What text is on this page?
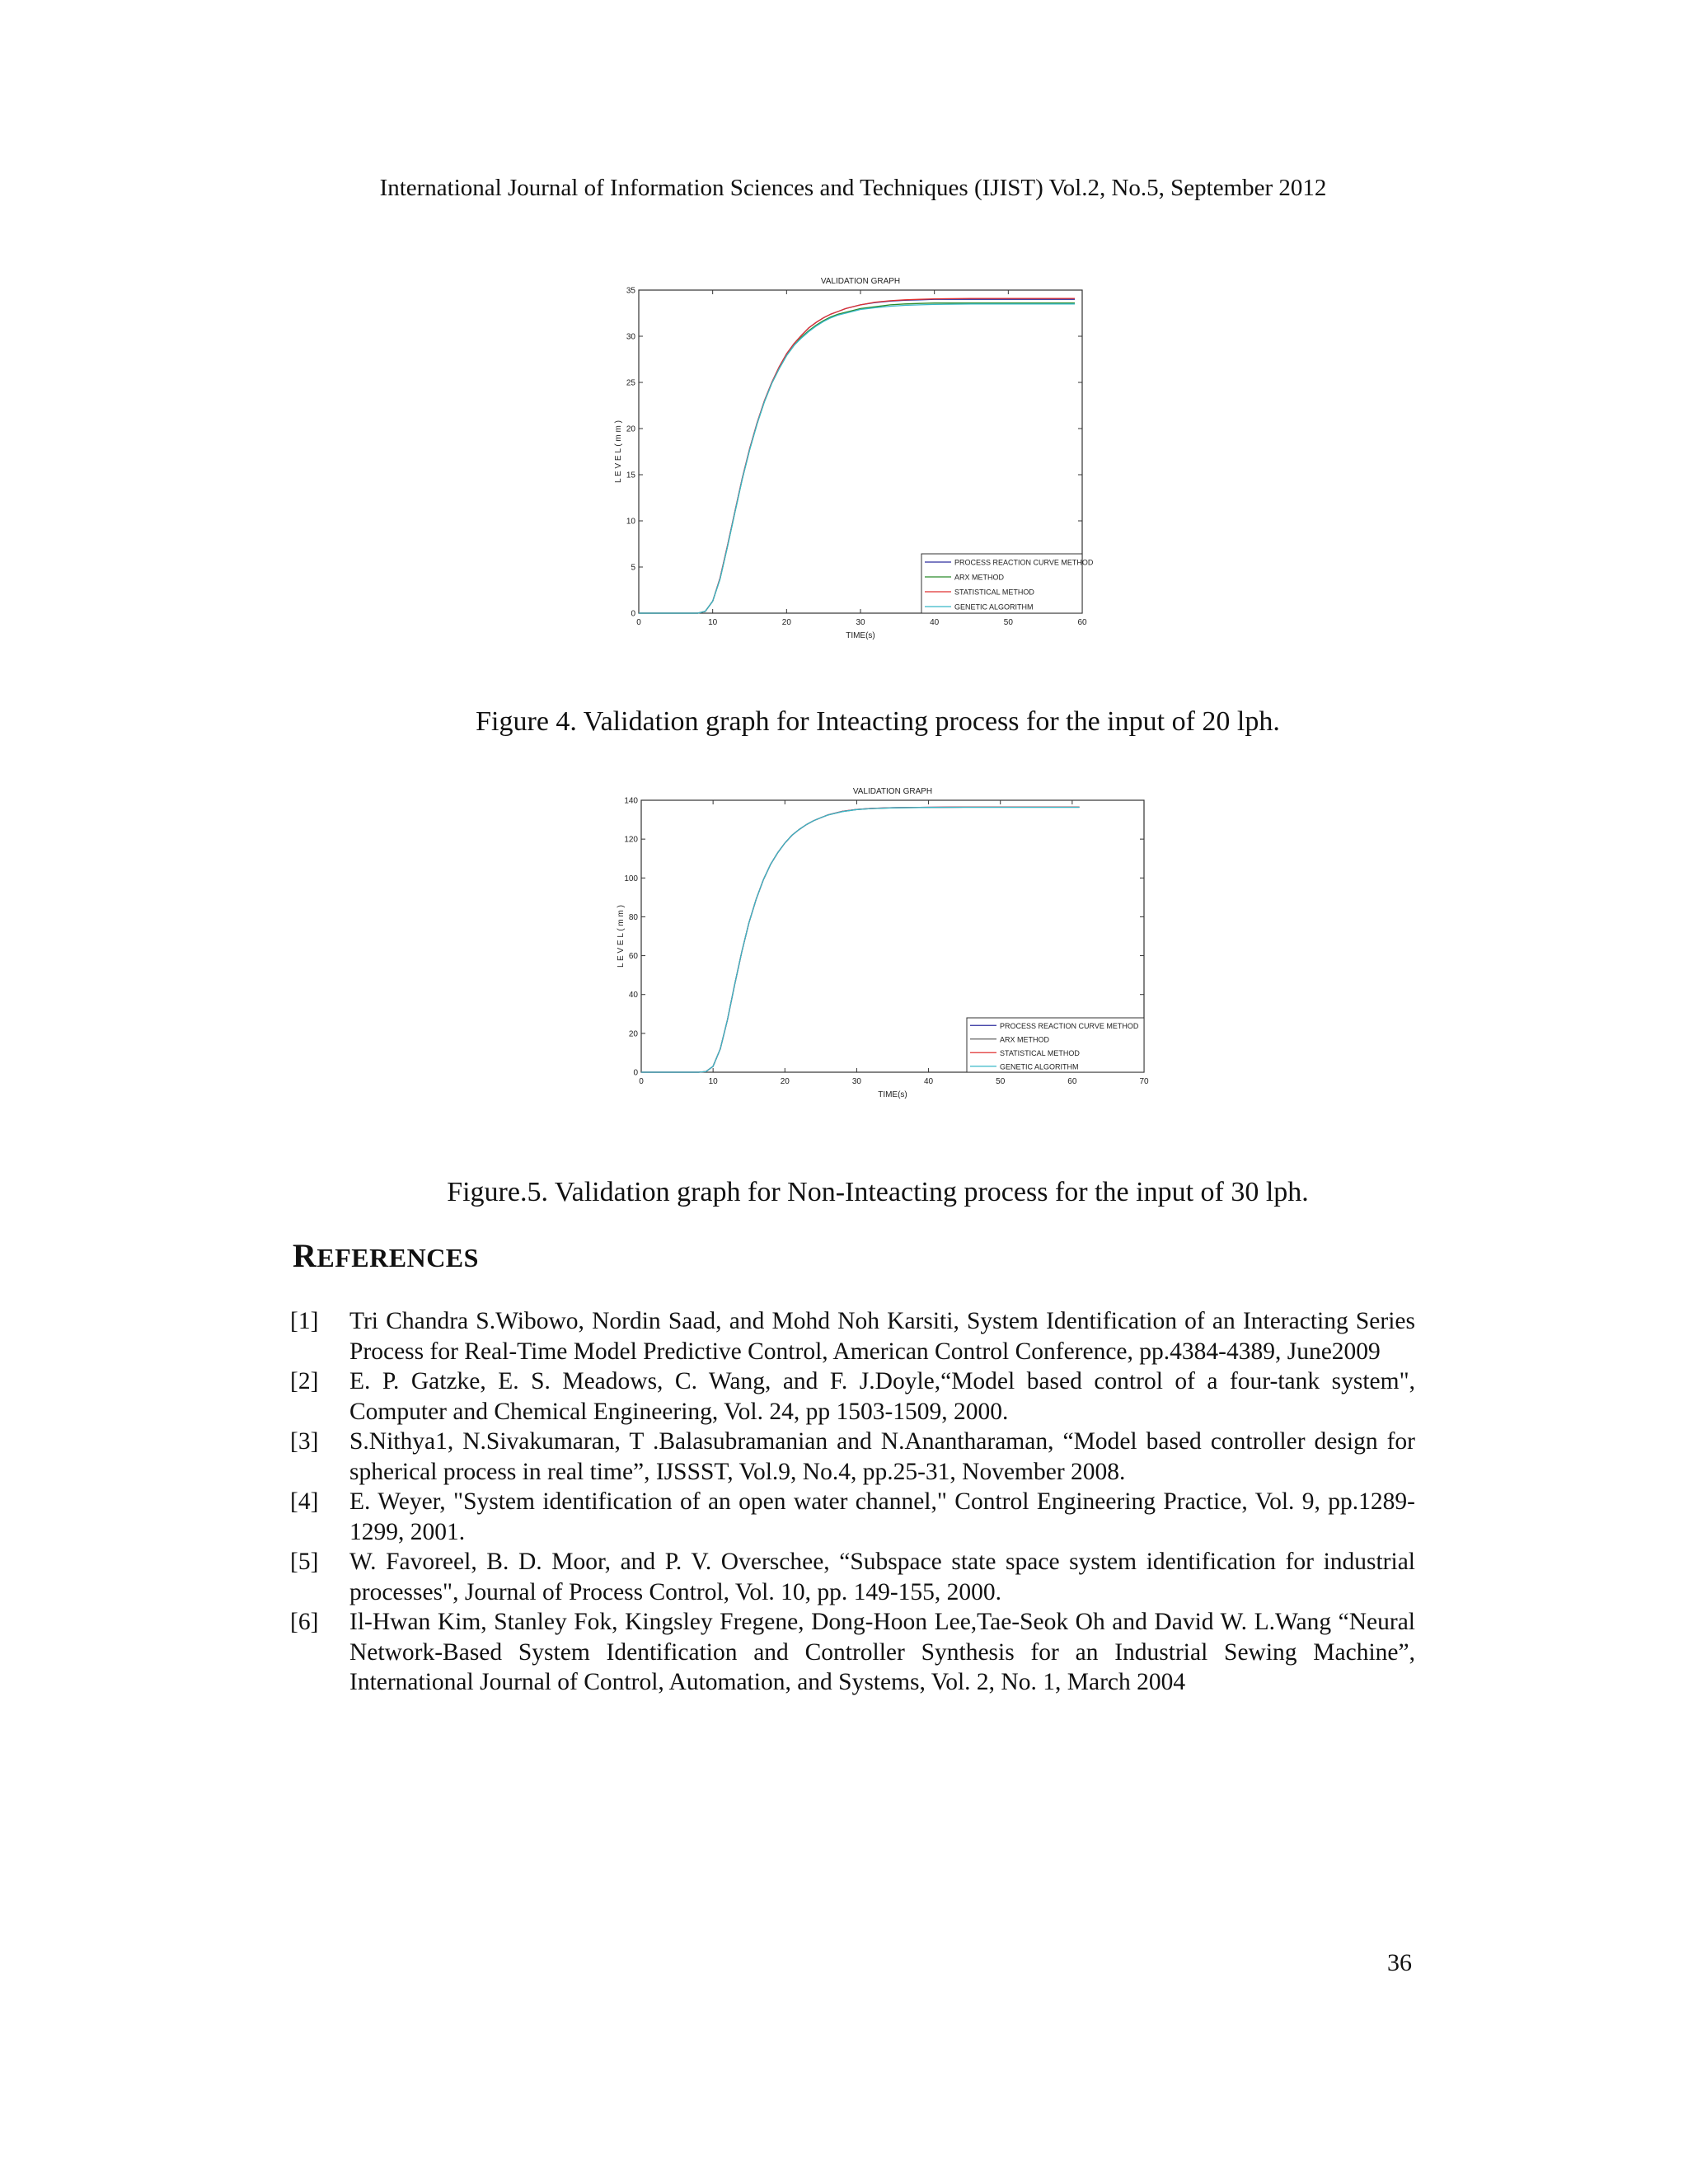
International Journal of Information Sciences and Techniques (IJIST) Vol.2, No.5, September 2012
VALIDATION GRAPH
0	10	20	30	40	50	60
0
5
10
15
20
25
30
35
TIME(s)
L E V E L ( m m )
PROCESS REACTION CURVE METHOD
ARX METHOD
STATISTICAL METHOD
GENETIC ALGORITHM
Figure 4. Validation graph for Inteacting process for the input of 20 lph.
VALIDATION GRAPH
0	10	20	30	40	50	60	70
0
20
40
60
80
100
120
140
TIME(s)
L E V E L ( m m )
PROCESS REACTION CURVE METHOD
ARX METHOD
STATISTICAL METHOD
GENETIC ALGORITHM
Figure.5. Validation graph for Non-Inteacting process for the input of 30 lph.
REFERENCES
[1]	Tri Chandra S.Wibowo, Nordin Saad, and Mohd Noh Karsiti, System Identification of an Interacting Series Process for Real-Time Model Predictive Control, American Control Conference, pp.4384-4389, June2009
[2]	E. P. Gatzke, E. S. Meadows, C. Wang, and F. J.Doyle,“Model based control of a four-tank system", Computer and Chemical Engineering, Vol. 24, pp 1503-1509, 2000.
[3]	S.Nithya1, N.Sivakumaran, T .Balasubramanian and N.Anantharaman, “Model based controller design for spherical process in real time”, IJSSST, Vol.9, No.4, pp.25-31, November 2008.
[4]	E. Weyer, "System identification of an open water channel," Control Engineering Practice, Vol. 9, pp.1289-1299, 2001.
[5]	W. Favoreel, B. D. Moor, and P. V. Overschee, “Subspace state space system identification for industrial processes", Journal of Process Control, Vol. 10, pp. 149-155, 2000.
[6]	Il-Hwan Kim, Stanley Fok, Kingsley Fregene, Dong-Hoon Lee,Tae-Seok Oh and David W. L.Wang “Neural Network-Based System Identification and Controller Synthesis for an Industrial Sewing Machine”, International Journal of Control, Automation, and Systems, Vol. 2, No. 1, March 2004
36
